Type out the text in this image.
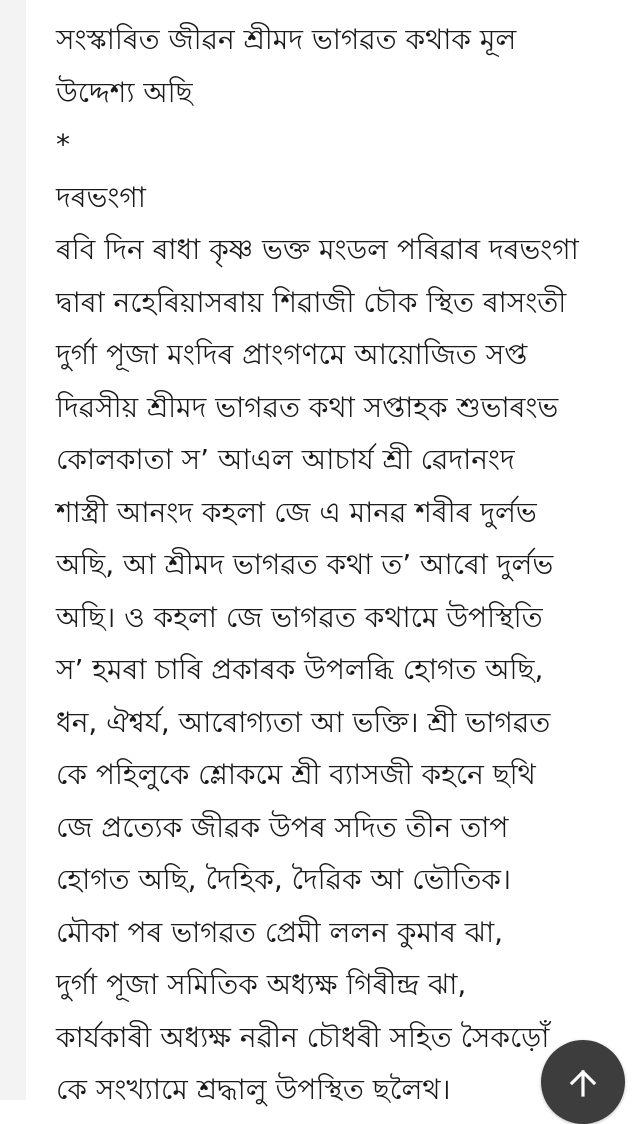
সংস্কাৰিত জীৱন শ্ৰীমদ ভাগৱত কথাক মূল
উদ্দেশ্য অছি
*
দৰভংগা
ৰবি দিন ৰাধা কৃষ্ণ ভক্ত মংডল পৰিৱাৰ দৰভংগা
দ্বাৰা নহেৰিয়াসৰায় শিৱাজী চৌক স্থিত ৰাসংতী
দুৰ্গা পূজা মংদিৰ প্ৰাংগণমে আয়োজিত সপ্ত
দিৱসীয় শ্ৰীমদ ভাগৱত কথা সপ্তাহক শুভাৰংভ
কোলকাতা স’ আএল আচাৰ্য শ্ৰী ৱেদানংদ
শাস্ত্ৰী আনংদ কহলা জে এ মানৱ শৰীৰ দুৰ্লভ
অছি, আ শ্ৰীমদ ভাগৱত কথা ত’ আৰো দুৰ্লভ
অছি। ও কহলা জে ভাগৱত কথামে উপস্থিতি
স’ হমৰা চাৰি প্ৰকাৰক উপলব্ধি হোগত অছি,
ধন, ঐশ্বৰ্য, আৰোগ্যতা আ ভক্তি। শ্ৰী ভাগৱত
কে পহিলুকে শ্লোকমে শ্ৰী ব্যাসজী কহনে ছথি
জে প্ৰত্যেক জীৱক উপৰ সদিত তীন তাপ
হোগত অছি, দৈহিক, দৈৱিক আ ভৌতিক।
মৌকা পৰ ভাগৱত প্ৰেমী ললন কুমাৰ ঝা,
দুৰ্গা পূজা সমিতিক অধ্যক্ষ গিৰীন্দ্ৰ ঝা,
কাৰ্যকাৰী অধ্যক্ষ নৱীন চৌধৰী সহিত সৈকড়োঁ
কে সংখ্যামে শ্ৰদ্ধালু উপস্থিত ছলৈথ।
